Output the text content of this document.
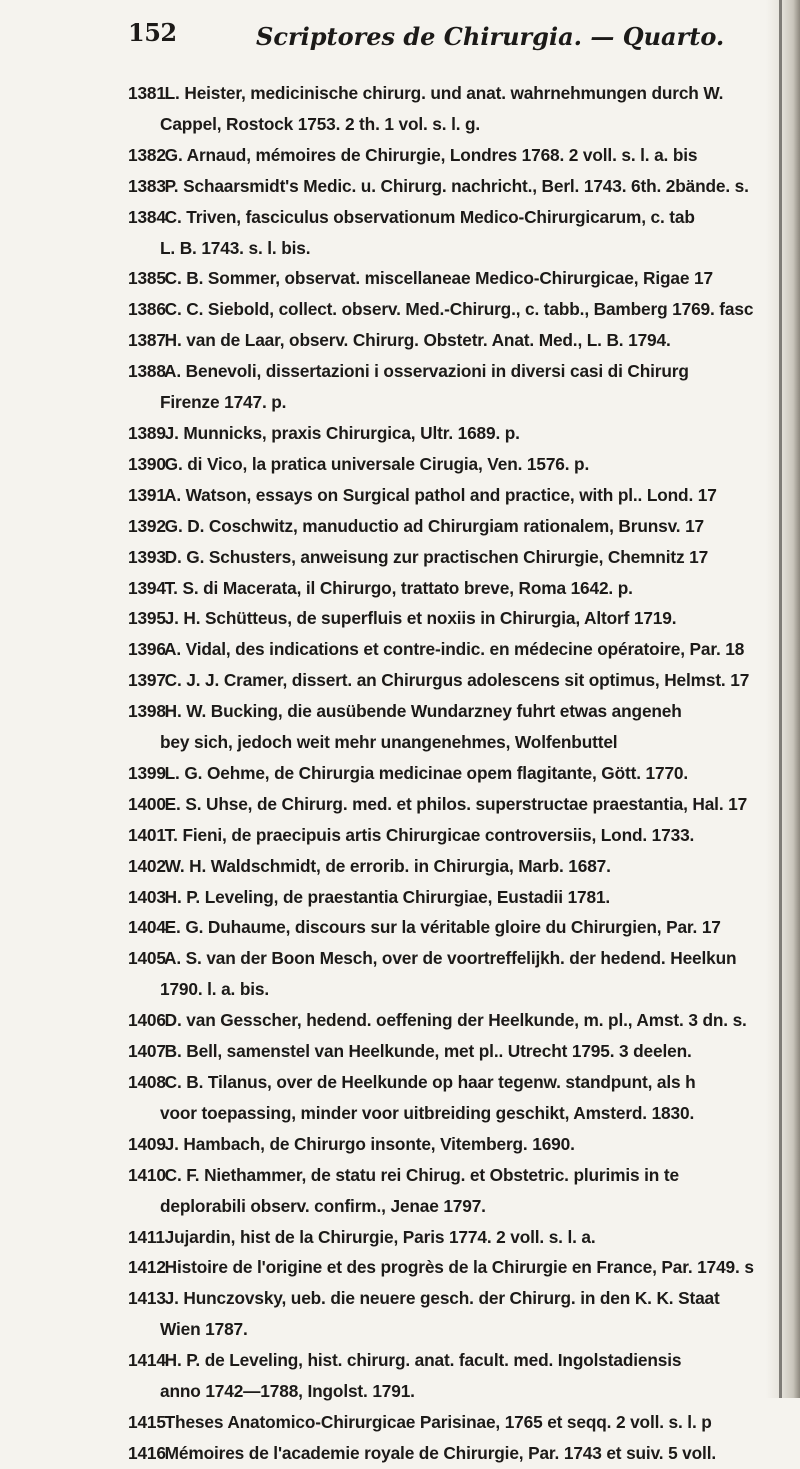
152	Scriptores de Chirurgia. — Quarto.
1381 L. Heister, medicinische chirurg. und anat. wahrnehmungen durch W.
Cappel, Rostock 1753. 2 th. 1 vol. s. l. g.
1382 G. Arnaud, mémoires de Chirurgie, Londres 1768. 2 voll. s. l. a. bis
1383 P. Schaarsmidt's Medic. u. Chirurg. nachricht., Berl. 1743. 6th. 2bände. s.
1384 C. Triven, fasciculus observationum Medico-Chirurgicarum, c. tab
L. B. 1743. s. l. bis.
1385 C. B. Sommer, observat. miscellaneae Medico-Chirurgicae, Rigae 17
1386 C. C. Siebold, collect. observ. Med.-Chirurg., c. tabb., Bamberg 1769. fasc
1387 H. van de Laar, observ. Chirurg. Obstetr. Anat. Med., L. B. 1794.
1388 A. Benevoli, dissertazioni i osservazioni in diversi casi di Chirurg
Firenze 1747. p.
1389 J. Munnicks, praxis Chirurgica, Ultr. 1689. p.
1390 G. di Vico, la pratica universale Cirugia, Ven. 1576. p.
1391 A. Watson, essays on Surgical pathol and practice, with pl.. Lond. 17
1392 G. D. Coschwitz, manuductio ad Chirurgiam rationalem, Brunsv. 17
1393 D. G. Schusters, anweisung zur practischen Chirurgie, Chemnitz 17
1394 T. S. di Macerata, il Chirurgo, trattato breve, Roma 1642. p.
1395 J. H. Schütteus, de superfluis et noxiis in Chirurgia, Altorf 1719.
1396 A. Vidal, des indications et contre-indic. en médecine opératoire, Par. 18
1397 C. J. J. Cramer, dissert. an Chirurgus adolescens sit optimus, Helmst. 17
1398 H. W. Bucking, die ausübende Wundarzney fuhrt etwas angeneh
bey sich, jedoch weit mehr unangenehmes, Wolfenbuttel
1399 L. G. Oehme, de Chirurgia medicinae opem flagitante, Gött. 1770.
1400 E. S. Uhse, de Chirurg. med. et philos. superstructae praestantia, Hal. 17
1401 T. Fieni, de praecipuis artis Chirurgicae controversiis, Lond. 1733.
1402 W. H. Waldschmidt, de errorib. in Chirurgia, Marb. 1687.
1403 H. P. Leveling, de praestantia Chirurgiae, Eustadii 1781.
1404 E. G. Duhaume, discours sur la véritable gloire du Chirurgien, Par. 17
1405 A. S. van der Boon Mesch, over de voortreffelijkh. der hedend. Heelkun
1790. l. a. bis.
1406 D. van Gesscher, hedend. oeffening der Heelkunde, m. pl., Amst. 3 dn. s.
1407 B. Bell, samenstel van Heelkunde, met pl.. Utrecht 1795. 3 deelen.
1408 C. B. Tilanus, over de Heelkunde op haar tegenw. standpunt, als h
voor toepassing, minder voor uitbreiding geschikt, Amsterd. 1830.
1409 J. Hambach, de Chirurgo insonte, Vitemberg. 1690.
1410 C. F. Niethammer, de statu rei Chirug. et Obstetric. plurimis in te
deplorabili observ. confirm., Jenae 1797.
1411 Jujardin, hist de la Chirurgie, Paris 1774. 2 voll. s. l. a.
1412 Histoire de l'origine et des progrès de la Chirurgie en France, Par. 1749. s
1413 J. Hunczovsky, ueb. die neuere gesch. der Chirurg. in den K. K. Staat
Wien 1787.
1414 H. P. de Leveling, hist. chirurg. anat. facult. med. Ingolstadiensis
anno 1742—1788, Ingolst. 1791.
1415 Theses Anatomico-Chirurgicae Parisinae, 1765 et seqq. 2 voll. s. l. p
1416 Mémoires de l'academie royale de Chirurgie, Par. 1743 et suiv. 5 voll.
